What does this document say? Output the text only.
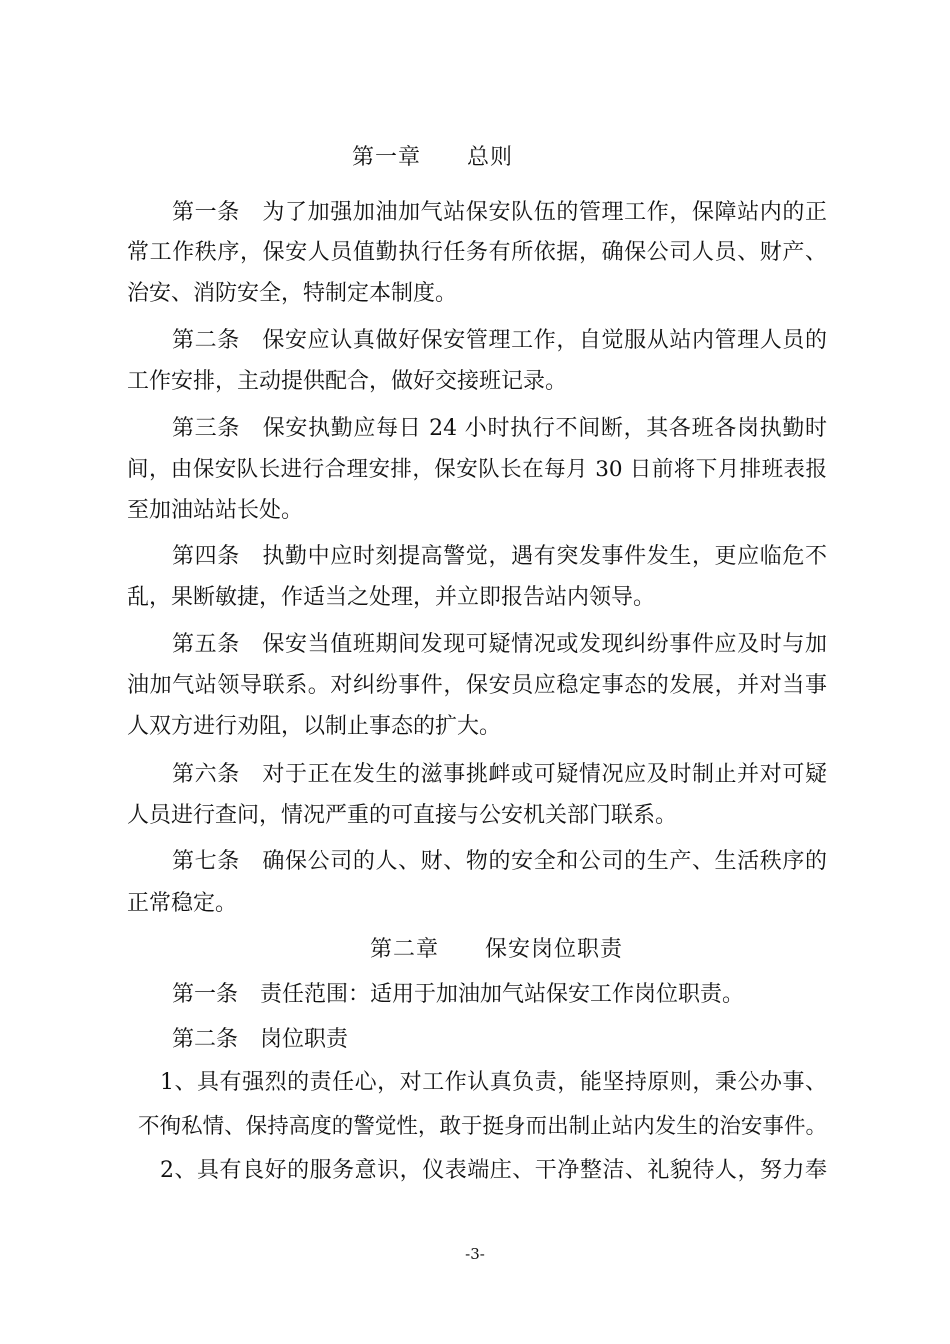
第一章　　总则
第一条　为了加强加油加气站保安队伍的管理工作，保障站内的正
常工作秩序，保安人员值勤执行任务有所依据，确保公司人员、财产、
治安、消防安全，特制定本制度。
第二条　保安应认真做好保安管理工作，自觉服从站内管理人员的
工作安排，主动提供配合，做好交接班记录。
第三条　保安执勤应每日 24 小时执行不间断，其各班各岗执勤时
间，由保安队长进行合理安排，保安队长在每月 30 日前将下月排班表报
至加油站站长处。
第四条　执勤中应时刻提高警觉，遇有突发事件发生，更应临危不
乱，果断敏捷，作适当之处理，并立即报告站内领导。
第五条　保安当值班期间发现可疑情况或发现纠纷事件应及时与加
油加气站领导联系。对纠纷事件，保安员应稳定事态的发展，并对当事
人双方进行劝阻，以制止事态的扩大。
第六条　对于正在发生的滋事挑衅或可疑情况应及时制止并对可疑
人员进行查问，情况严重的可直接与公安机关部门联系。
第七条　确保公司的人、财、物的安全和公司的生产、生活秩序的
正常稳定。
第二章　　保安岗位职责
第一条　责任范围：适用于加油加气站保安工作岗位职责。
第二条　岗位职责
1、具有强烈的责任心，对工作认真负责，能坚持原则，秉公办事、
不徇私情、保持高度的警觉性，敢于挺身而出制止站内发生的治安事件。
2、具有良好的服务意识，仪表端庄、干净整洁、礼貌待人，努力奉
-3-
